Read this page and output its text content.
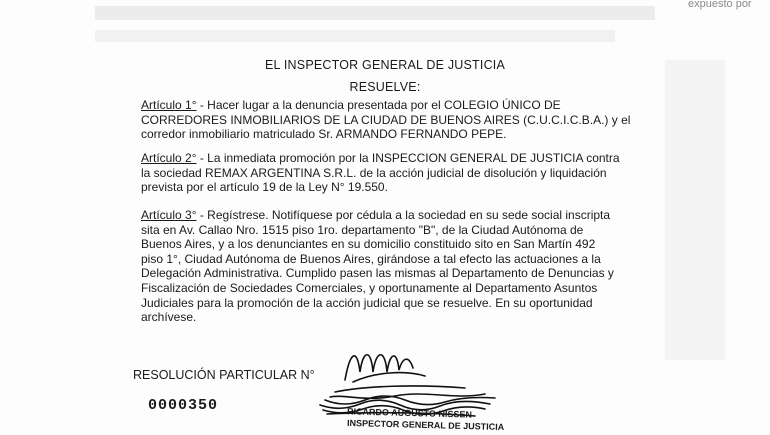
expuesto por
EL INSPECTOR GENERAL DE JUSTICIA
RESUELVE:
Artículo 1° - Hacer lugar a la denuncia presentada por el COLEGIO ÚNICO DE
CORREDORES INMOBILIARIOS DE LA CIUDAD DE BUENOS AIRES (C.U.C.I.C.B.A.) y el
corredor inmobiliario matriculado Sr. ARMANDO FERNANDO PEPE.
Artículo 2° - La inmediata promoción por la INSPECCION GENERAL DE JUSTICIA contra
la sociedad REMAX ARGENTINA S.R.L. de la acción judicial de disolución y liquidación
prevista por el artículo 19 de la Ley N° 19.550.
Artículo 3° - Regístrese. Notifíquese por cédula a la sociedad en su sede social inscripta
sita en Av. Callao Nro. 1515 piso 1ro. departamento "B", de la Ciudad Autónoma de
Buenos Aires, y a los denunciantes en su domicilio constituido sito en San Martín 492
piso 1°, Ciudad Autónoma de Buenos Aires, girándose a tal efecto las actuaciones a la
Delegación Administrativa. Cumplido pasen las mismas al Departamento de Denuncias y
Fiscalización de Sociedades Comerciales, y oportunamente al Departamento Asuntos
Judiciales para la promoción de la acción judicial que se resuelve. En su oportunidad
archívese.
RESOLUCIÓN PARTICULAR N°
0000350	RICARDO AUGUSTO NISSEN
INSPECTOR GENERAL DE JUSTICIA
